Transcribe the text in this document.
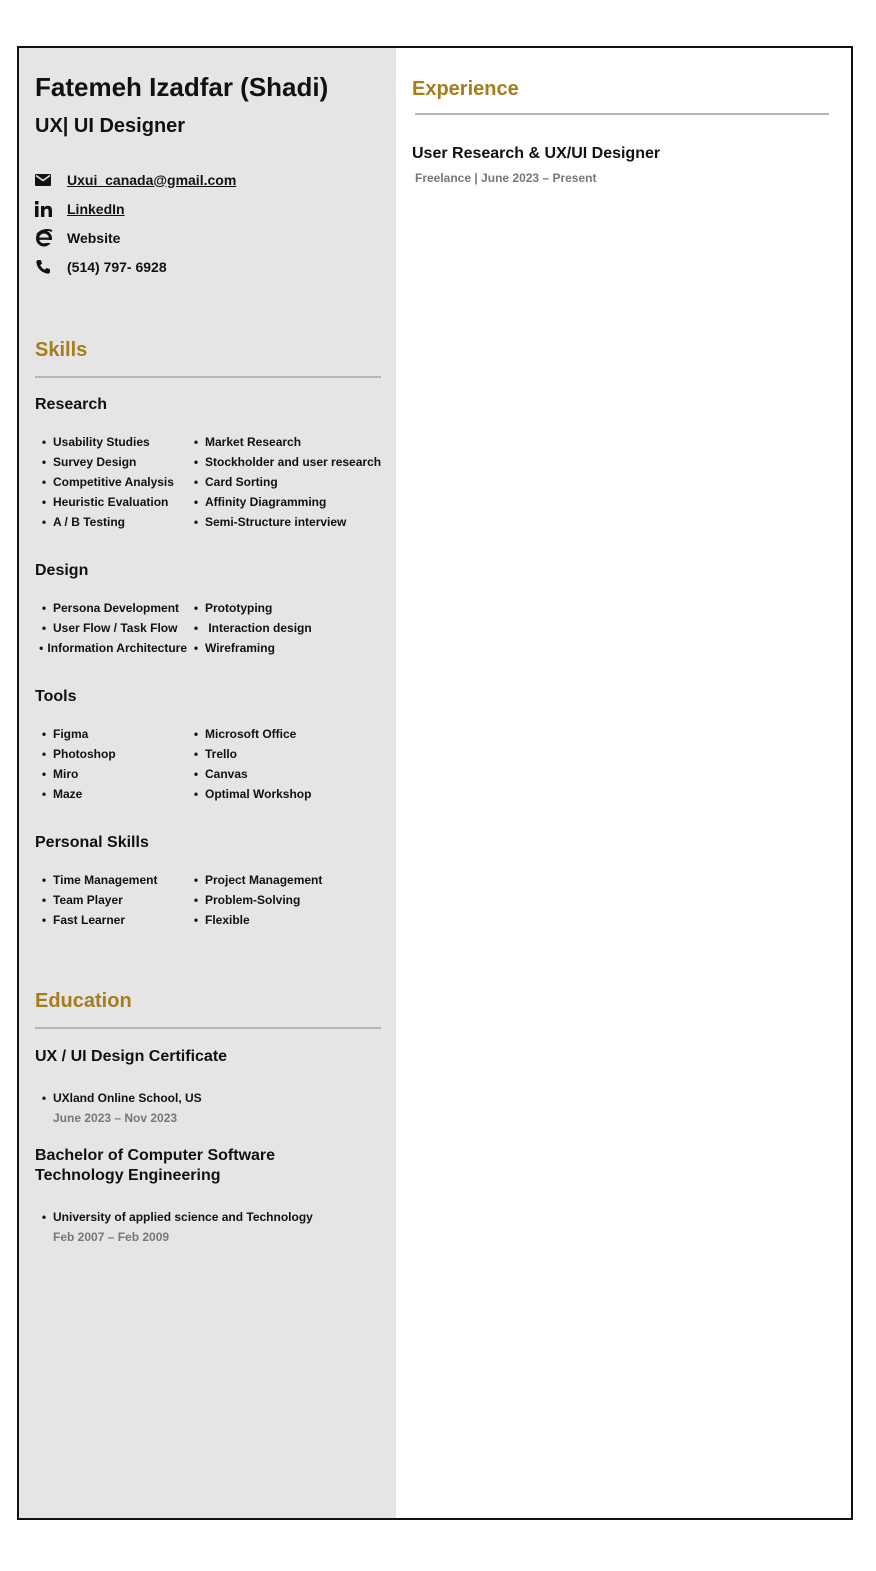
Fatemeh Izadfar (Shadi)
UX| UI Designer
Uxui_canada@gmail.com
LinkedIn
Website
(514) 797- 6928
Skills
Research
• Usability Studies	• Market Research
• Survey Design	• Stockholder and user research
• Competitive Analysis	• Card Sorting
• Heuristic Evaluation	• Affinity Diagramming
• A / B Testing	• Semi-Structure interview
Design
• Persona Development	• Prototyping
• User Flow / Task Flow	• Interaction design
• Information Architecture • Wireframing
Tools
• Figma	• Microsoft Office
• Photoshop	• Trello
• Miro	• Canvas
• Maze	• Optimal Workshop
Personal Skills
• Time Management	• Project Management
• Team Player	• Problem-Solving
• Fast Learner	• Flexible
Education
UX / UI Design Certificate
• UXland Online School, US
June 2023 – Nov 2023
Bachelor of Computer Software Technology Engineering
• University of applied science and Technology
Feb 2007 – Feb 2009
Experience
User Research & UX/UI Designer
Freelance | June 2023 – Present
